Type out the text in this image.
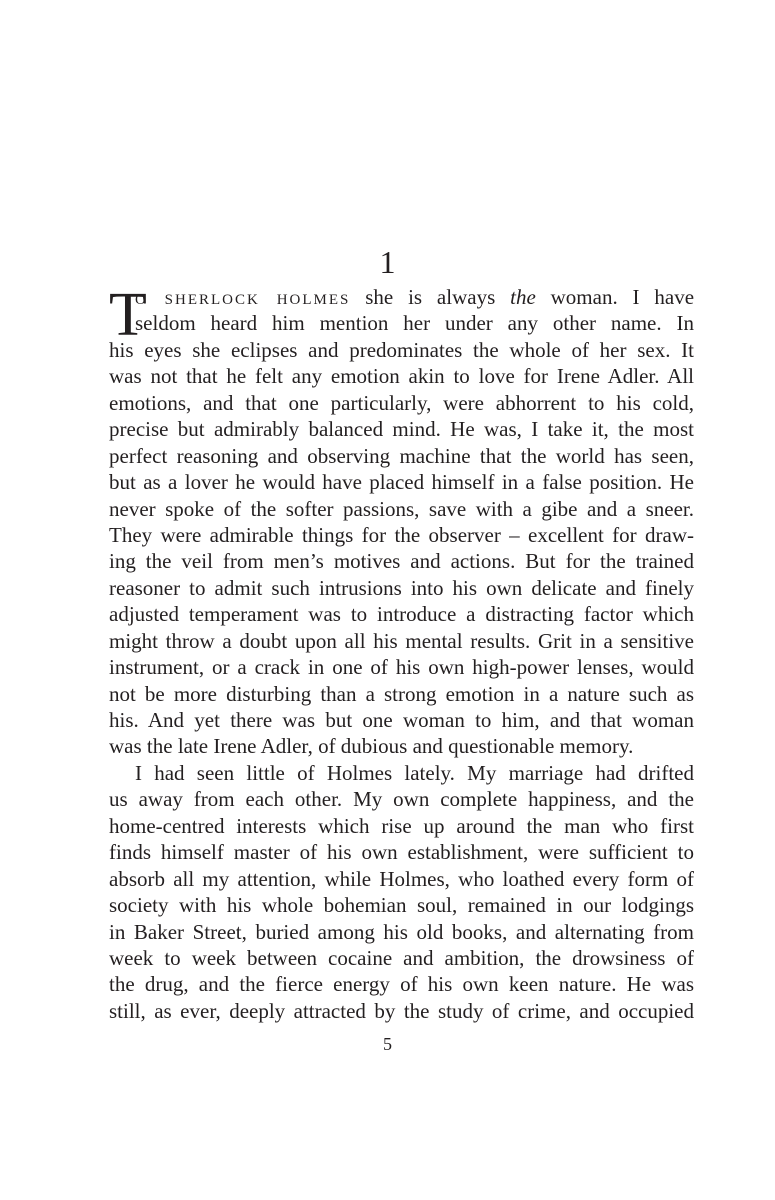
1
T
o sherlock holmes she is always the woman. I have
seldom heard him mention her under any other name. In
his eyes she eclipses and predominates the whole of her sex. It
was not that he felt any emotion akin to love for Irene Adler. All
emotions, and that one particularly, were abhorrent to his cold,
precise but admirably balanced mind. He was, I take it, the most
perfect reasoning and observing machine that the world has seen,
but as a lover he would have placed himself in a false position. He
never spoke of the softer passions, save with a gibe and a sneer.
They were admirable things for the observer – excellent for draw-
ing the veil from men’s motives and actions. But for the trained
reasoner to admit such intrusions into his own delicate and finely
adjusted temperament was to introduce a distracting factor which
might throw a doubt upon all his mental results. Grit in a sensitive
instrument, or a crack in one of his own high-power lenses, would
not be more disturbing than a strong emotion in a nature such as
his. And yet there was but one woman to him, and that woman
was the late Irene Adler, of dubious and questionable memory.
I had seen little of Holmes lately. My marriage had drifted
us away from each other. My own complete happiness, and the
home-centred interests which rise up around the man who first
finds himself master of his own establishment, were sufficient to
absorb all my attention, while Holmes, who loathed every form of
society with his whole bohemian soul, remained in our lodgings
in Baker Street, buried among his old books, and alternating from
week to week between cocaine and ambition, the drowsiness of
the drug, and the fierce energy of his own keen nature. He was
still, as ever, deeply attracted by the study of crime, and occupied
5
